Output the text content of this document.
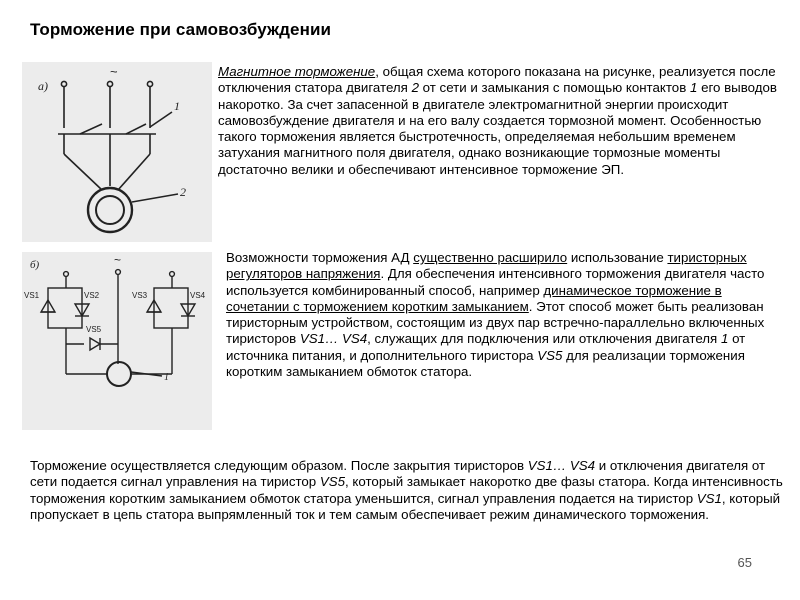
Торможение при самовозбуждении
а)
~
1
2
б)	~
VS1	VS2	VS3	VS4
VS5
1
Магнитное торможение, общая схема которого показана на рисунке, реализуется после отключения статора двигателя 2 от сети и замыкания с помощью контактов 1 его выводов накоротко. За счет запасенной в двигателе электромагнитной энергии происходит самовозбуждение двигателя и на его валу создается тормозной момент. Особенностью такого торможения является быстротечность, определяемая небольшим временем затухания магнитного поля двигателя, однако возникающие тормозные моменты достаточно велики и обеспечивают интенсивное торможение ЭП.
Возможности торможения АД существенно расширило использование тиристорных регуляторов напряжения. Для обеспечения интенсивного торможения двигателя часто используется комбинированный способ, например динамическое торможение в сочетании с торможением коротким замыканием. Этот способ может быть реализован тиристорным устройством, состоящим из двух пар встречно-параллельно включенных тиристоров VS1… VS4, служащих для подключения или отключения двигателя 1 от источника питания, и дополнительного тиристора VS5 для реализации торможения коротким замыканием обмоток статора.
Торможение осуществляется следующим образом. После закрытия тиристоров VS1… VS4 и отключения двигателя от сети подается сигнал управления на тиристор VS5, который замыкает накоротко две фазы статора. Когда интенсивность торможения коротким замыканием обмоток статора уменьшится, сигнал управления подается на тиристор VS1, который пропускает в цепь статора выпрямленный ток и тем самым обеспечивает режим динамического торможения.
65
